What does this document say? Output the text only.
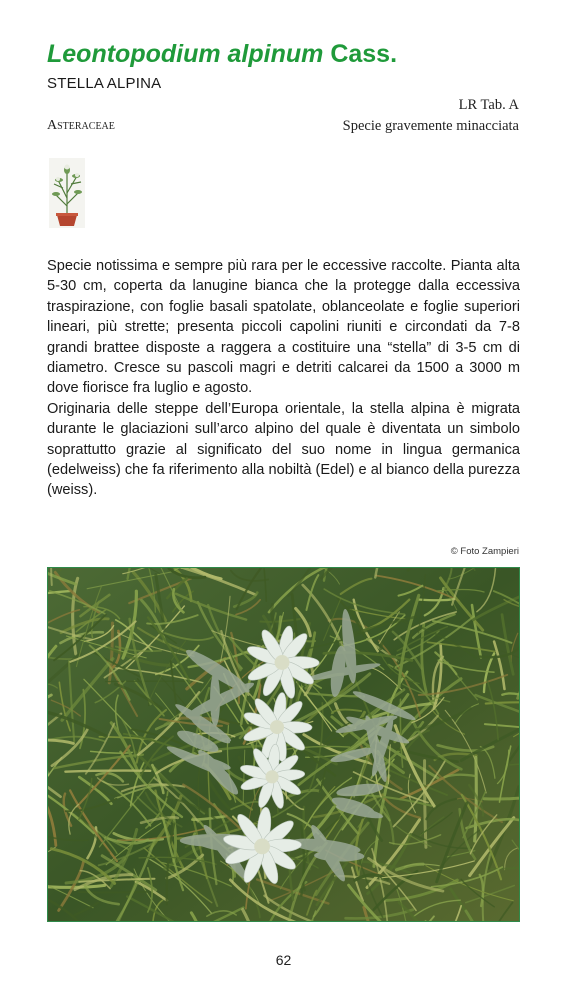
Leontopodium alpinum Cass.
STELLA ALPINA
Asteraceae
LR Tab. A
Specie gravemente minacciata

Specie notissima e sempre più rara per le eccessive raccolte. Pianta alta 5-30 cm, coperta da lanugine bianca che la protegge dalla eccessiva traspirazione, con foglie basali spatolate, oblanceolate e foglie superiori lineari, più strette; presenta piccoli capolini riuniti e circondati da 7-8 grandi brattee disposte a raggera a costituire una “stella” di 3-5 cm di diametro. Cresce su pascoli magri e detriti calcarei da 1500 a 3000 m dove fiorisce fra luglio e agosto.

Originaria delle steppe dell’Europa orientale, la stella alpina è migrata durante le glaciazioni sull’arco alpino del quale è diventata un simbolo soprattutto grazie al significato del suo nome in lingua germanica (edelweiss) che fa riferimento alla nobiltà (Edel) e al bianco della purezza (weiss).

© Foto Zampieri
62
